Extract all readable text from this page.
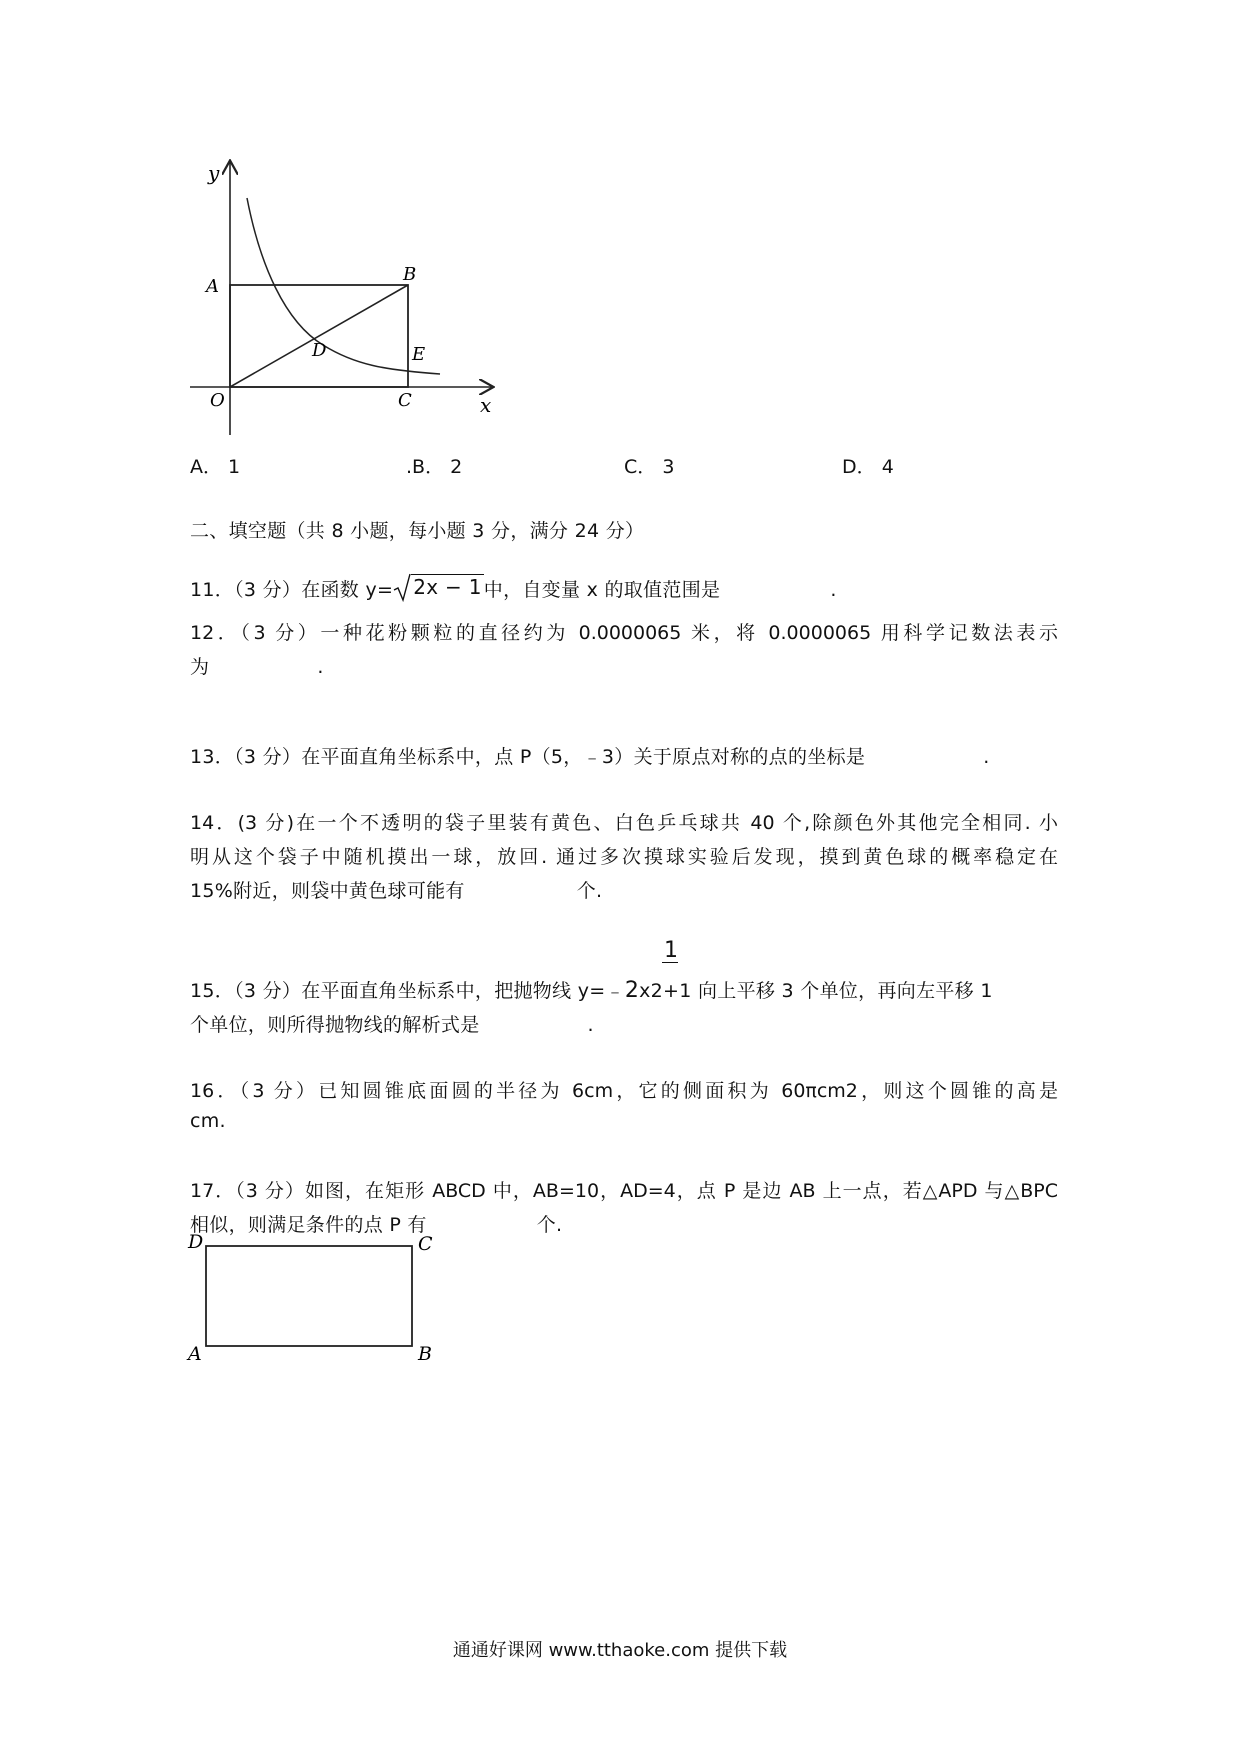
y
x
A
B
D	E
O	C
A． 1	.B． 2	C． 3	D． 4
二、填空题（共 8 小题，每小题 3 分，满分 24 分）
11．（3 分）在函数 y= 2x − 1 中，自变量 x 的取值范围是	.
12．（3 分）一种花粉颗粒的直径约为 0.0000065 米，将 0.0000065 用科学记数法表示
为	.
13．（3 分）在平面直角坐标系中，点 P（5，﹣3）关于原点对称的点的坐标是	.
14．(3 分)在一个不透明的袋子里装有黄色、白色乒乓球共 40 个,除颜色外其他完全相同. 小
明从这个袋子中随机摸出一球，放回. 通过多次摸球实验后发现，摸到黄色球的概率稳定在
15%附近，则袋中黄色球可能有	个.
1
15．（3 分）在平面直角坐标系中，把抛物线 y=﹣2x2+1 向上平移 3 个单位，再向左平移 1
个单位，则所得抛物线的解析式是	.
16．（3 分）已知圆锥底面圆的半径为 6cm，它的侧面积为 60πcm2，则这个圆锥的高是
cm.
17．（3 分）如图，在矩形 ABCD 中，AB=10，AD=4，点 P 是边 AB 上一点，若△APD 与△BPC
相似，则满足条件的点 P 有	个.
D	C
A	B
通通好课网 www.tthaoke.com 提供下载
